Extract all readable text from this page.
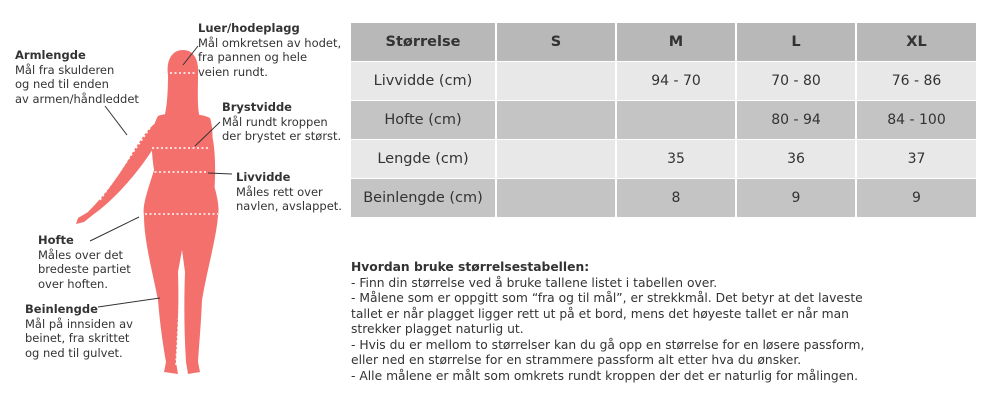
Luer/hodeplagg
Mål omkretsen av hodet,
fra pannen og hele
veien rundt.
Armlengde
Mål fra skulderen
og ned til enden
av armen/håndleddet
Brystvidde
Mål rundt kroppen
der brystet er størst.
Livvidde
Måles rett over
navlen, avslappet.
Hofte
Måles over det
bredeste partiet
over hoften.
Beinlengde
Mål på innsiden av
beinet, fra skrittet
og ned til gulvet.
Størrelse	S	M	L	XL
Livvidde (cm)		94 - 70	70 - 80	76 - 86
Hofte (cm)			80 - 94	84 - 100
Lengde (cm)		35	36	37
Beinlengde (cm)		8	9	9
Hvordan bruke størrelsestabellen:
- Finn din størrelse ved å bruke tallene listet i tabellen over.
- Målene som er oppgitt som “fra og til mål”, er strekkmål. Det betyr at det laveste
tallet er når plagget ligger rett ut på et bord, mens det høyeste tallet er når man
strekker plagget naturlig ut.
- Hvis du er mellom to størrelser kan du gå opp en størrelse for en løsere passform,
eller ned en størrelse for en strammere passform alt etter hva du ønsker.
- Alle målene er målt som omkrets rundt kroppen der det er naturlig for målingen.
